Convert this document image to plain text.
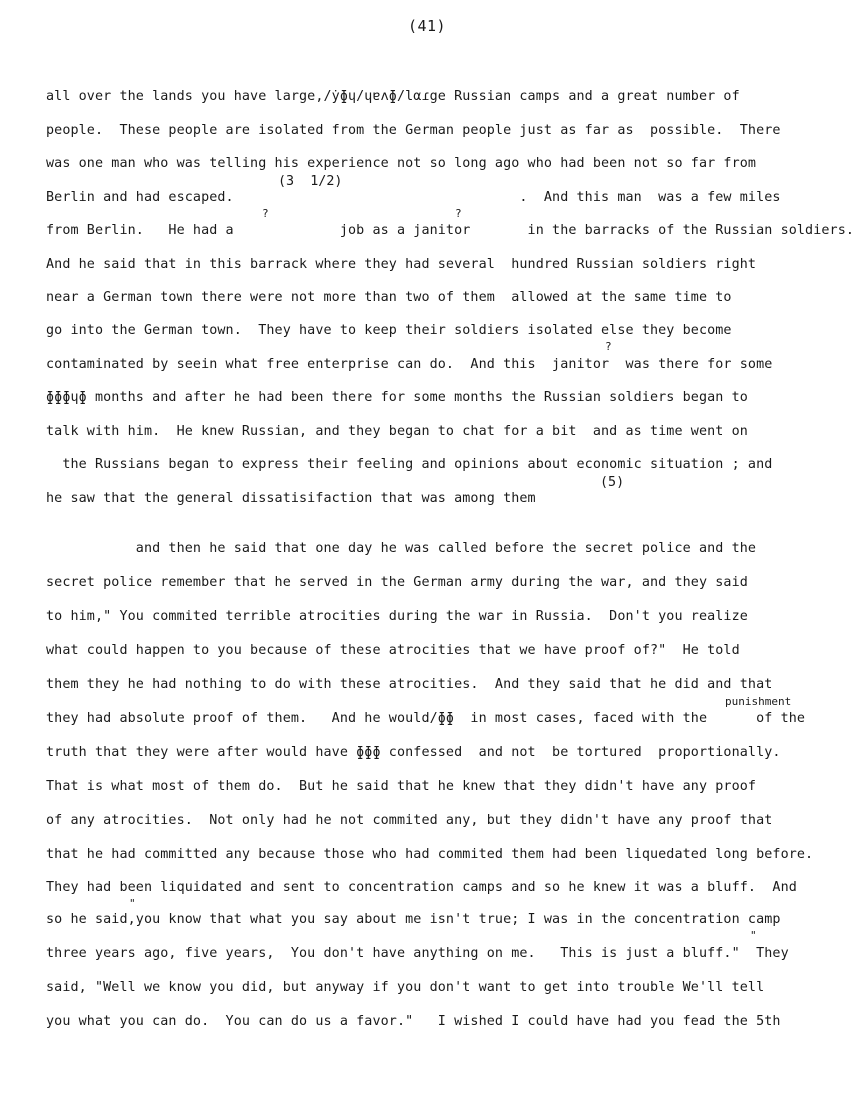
(41)
all over the lands you have large,/ẏɸɥ/ɥɐʌɸ/lαɾgе Russian camps and a great number of
people.  These people are isolated from the German people just as far as  possible.  There
was one man who was telling his experience not so long ago who had been not so far from
(3  1/2)
Berlin and had escaped.                                   .  And this man  was a few miles
?	?
from Berlin.   He had a             job as a janitor       in the barracks of the Russian soldiers.
And he said that in this barrack where they had several  hundred Russian soldiers right
near a German town there were not more than two of them  allowed at the same time to
go into the German town.  They have to keep their soldiers isolated else they become
?
contaminated by seein what free enterprise can do.  And this  janitor  was there for some
ɸɸɸɥɸ months and after he had been there for some months the Russian soldiers began to
talk with him.  He knew Russian, and they began to chat for a bit  and as time went on
the Russians began to express their feeling and opinions about economic situation ; and
(5)
he saw that the general dissatisifaction that was among them
and then he said that one day he was called before the secret police and the
secret police remember that he served in the German army during the war, and they said
to him," You commited terrible atrocities during the war in Russia.  Don't you realize
what could happen to you because of these atrocities that we have proof of?"  He told
them they he had nothing to do with these atrocities.  And they said that he did and that
punishment
they had absolute proof of them.   And he would/ɸɸ  in most cases, faced with the      of the
truth that they were after would have ɸɸɸ confessed  and not  be tortured  proportionally.
That is what most of them do.  But he said that he knew that they didn't have any proof
of any atrocities.  Not only had he not commited any, but they didn't have any proof that
that he had committed any because those who had commited them had been liquedated long before.
They had been liquidated and sent to concentration camps and so he knew it was a bluff.  And
"
"
so he said,you know that what you say about me isn't true; I was in the concentration camp
three years ago, five years,  You don't have anything on me.   This is just a bluff."  They
said, "Well we know you did, but anyway if you don't want to get into trouble We'll tell
you what you can do.  You can do us a favor."   I wished I could have had you fead the 5th
